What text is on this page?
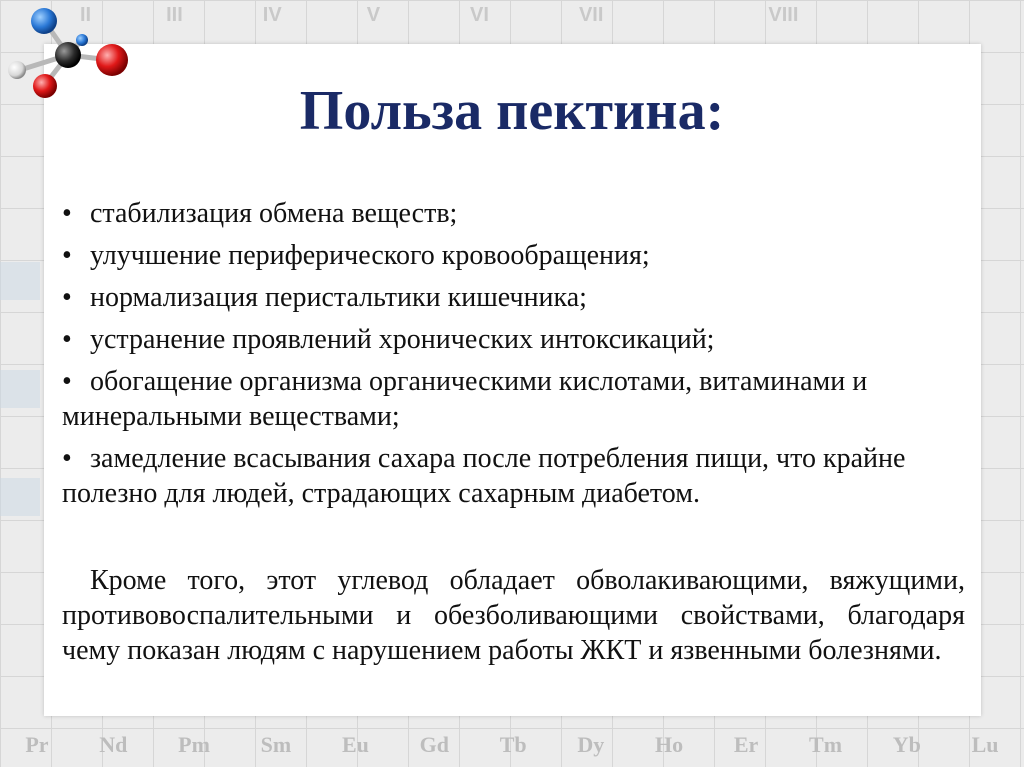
II	III	IV	V	VI	VII	VIII
Pr Nd Pm Sm Eu Gd Tb Dy Ho Er Tm Yb Lu
Польза пектина:
• стабилизация обмена веществ;
• улучшение периферического кровообращения;
• нормализация перистальтики кишечника;
• устранение проявлений хронических интоксикаций;
• обогащение организма органическими кислотами, витаминами и минеральными веществами;
• замедление всасывания сахара после потребления пищи, что крайне полезно для людей, страдающих сахарным диабетом.

Кроме того, этот углевод обладает обволакивающими, вяжущими, противовоспалительными и обезболивающими свойствами, благодаря чему показан людям с нарушением работы ЖКТ и язвенными болезнями.
